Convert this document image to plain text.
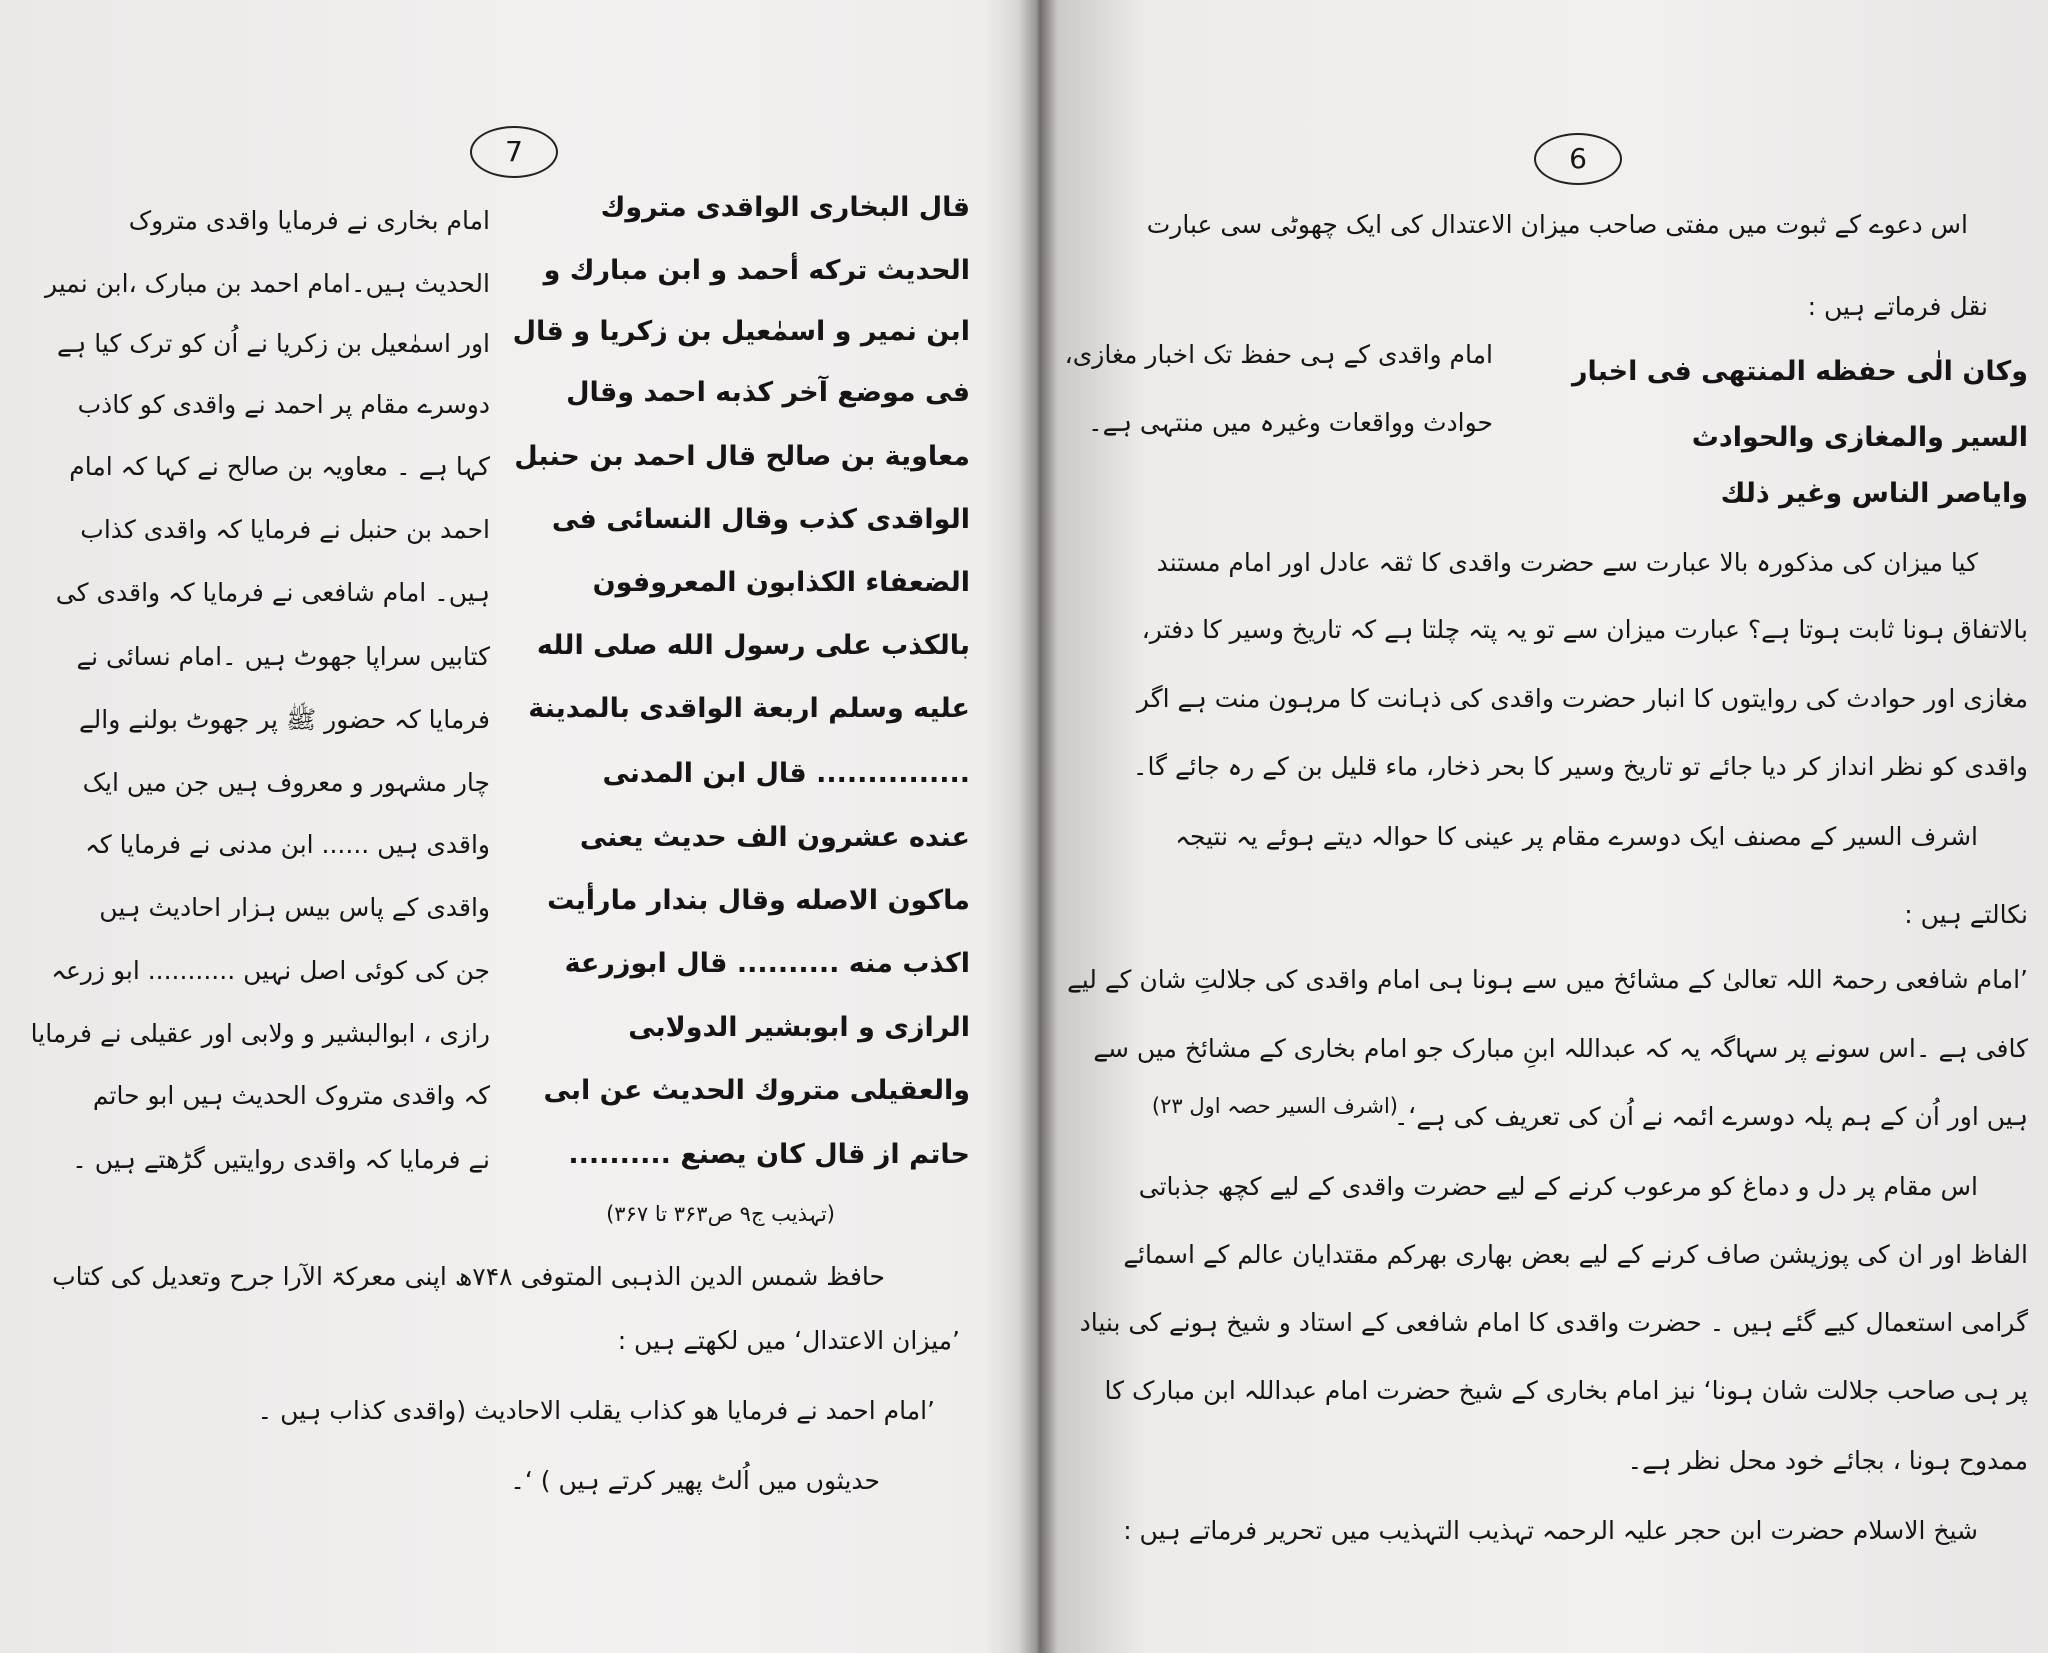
7
قال البخارى الواقدى متروك
الحديث تركه أحمد و ابن مبارك و
ابن نمير و اسمٰعيل بن زكريا و قال
فى موضع آخر كذبه احمد وقال
معاوية بن صالح قال احمد بن حنبل
الواقدى كذب وقال النسائى فى
الضعفاء الكذابون المعروفون
بالكذب على رسول الله صلى الله
عليه وسلم اربعة الواقدى بالمدينة
............... قال ابن المدنى
عنده عشرون الف حديث يعنى
ماكون الاصله وقال بندار مارأيت
اكذب منه .......... قال ابوزرعة
الرازى و ابوبشير الدولابى
والعقيلى متروك الحديث عن ابى
حاتم از قال كان يصنع ..........
امام بخاری نے فرمایا واقدی متروک
الحدیث ہیں۔امام احمد بن مبارک ،ابن نمیر
اور اسمٰعیل بن زکریا نے اُن کو ترک کیا ہے
دوسرے مقام پر احمد نے واقدی کو کاذب
کہا ہے ۔ معاویہ بن صالح نے کہا کہ امام
احمد بن حنبل نے فرمایا کہ واقدی کذاب
ہیں۔ امام شافعی نے فرمایا کہ واقدی کی
کتابیں سراپا جھوٹ ہیں ۔امام نسائی نے
فرمایا کہ حضور ﷺ پر جھوٹ بولنے والے
چار مشہور و معروف ہیں جن میں ایک
واقدی ہیں ...... ابن مدنی نے فرمایا کہ
واقدی کے پاس بیس ہزار احادیث ہیں
جن کی کوئی اصل نہیں ........... ابو زرعہ
رازی ، ابوالبشیر و ولابی اور عقیلی نے فرمایا
کہ واقدی متروک الحدیث ہیں ابو حاتم
نے فرمایا کہ واقدی روایتیں گڑھتے ہیں ۔
(تہذیب ج۹ ص۳۶۳ تا ۳۶۷)
حافظ شمس الدین الذہبی المتوفی ۷۴۸ھ اپنی معرکۃ الآرا جرح وتعدیل کی کتاب
’میزان الاعتدال‘ میں لکھتے ہیں :
’امام احمد نے فرمایا هو كذاب يقلب الاحاديث (واقدی کذاب ہیں ۔
حدیثوں میں اُلٹ پھیر کرتے ہیں ) ‘۔
6
اس دعوے کے ثبوت میں مفتی صاحب میزان الاعتدال کی ایک چھوٹی سی عبارت
نقل فرماتے ہیں :
وكان الٰى حفظه المنتهى فى اخبار
السير والمغازى والحوادث
واياصر الناس وغير ذلك
امام واقدی کے ہی حفظ تک اخبار مغازی،
حوادث وواقعات وغیرہ میں منتہی ہے۔
کیا میزان کی مذکورہ بالا عبارت سے حضرت واقدی کا ثقہ عادل اور امام مستند
بالاتفاق ہونا ثابت ہوتا ہے؟ عبارت میزان سے تو یہ پتہ چلتا ہے کہ تاریخ وسیر کا دفتر،
مغازی اور حوادث کی روایتوں کا انبار حضرت واقدی کی ذہانت کا مرہون منت ہے اگر
واقدی کو نظر انداز کر دیا جائے تو تاریخ وسیر کا بحر ذخار، ماء قلیل بن کے رہ جائے گا۔
اشرف السیر کے مصنف ایک دوسرے مقام پر عینی کا حوالہ دیتے ہوئے یہ نتیجہ
نکالتے ہیں :
’امام شافعی رحمۃ اللہ تعالیٰ کے مشائخ میں سے ہونا ہی امام واقدی کی جلالتِ شان کے لیے
کافی ہے ۔اس سونے پر سہاگہ یہ کہ عبداللہ ابنِ مبارک جو امام بخاری کے مشائخ میں سے
ہیں اور اُن کے ہم پلہ دوسرے ائمہ نے اُن کی تعریف کی ہے‘۔
(اشرف السیر حصہ اول ۲۳)
اس مقام پر دل و دماغ کو مرعوب کرنے کے لیے حضرت واقدی کے لیے کچھ جذباتی
الفاظ اور ان کی پوزیشن صاف کرنے کے لیے بعض بھاری بھرکم مقتدایان عالم کے اسمائے
گرامی استعمال کیے گئے ہیں ۔ حضرت واقدی کا امام شافعی کے استاد و شیخ ہونے کی بنیاد
پر ہی صاحب جلالت شان ہونا‘ نیز امام بخاری کے شیخ حضرت امام عبداللہ ابن مبارک کا
ممدوح ہونا ، بجائے خود محل نظر ہے۔
شیخ الاسلام حضرت ابن حجر علیہ الرحمہ تہذیب التہذیب میں تحریر فرماتے ہیں :
